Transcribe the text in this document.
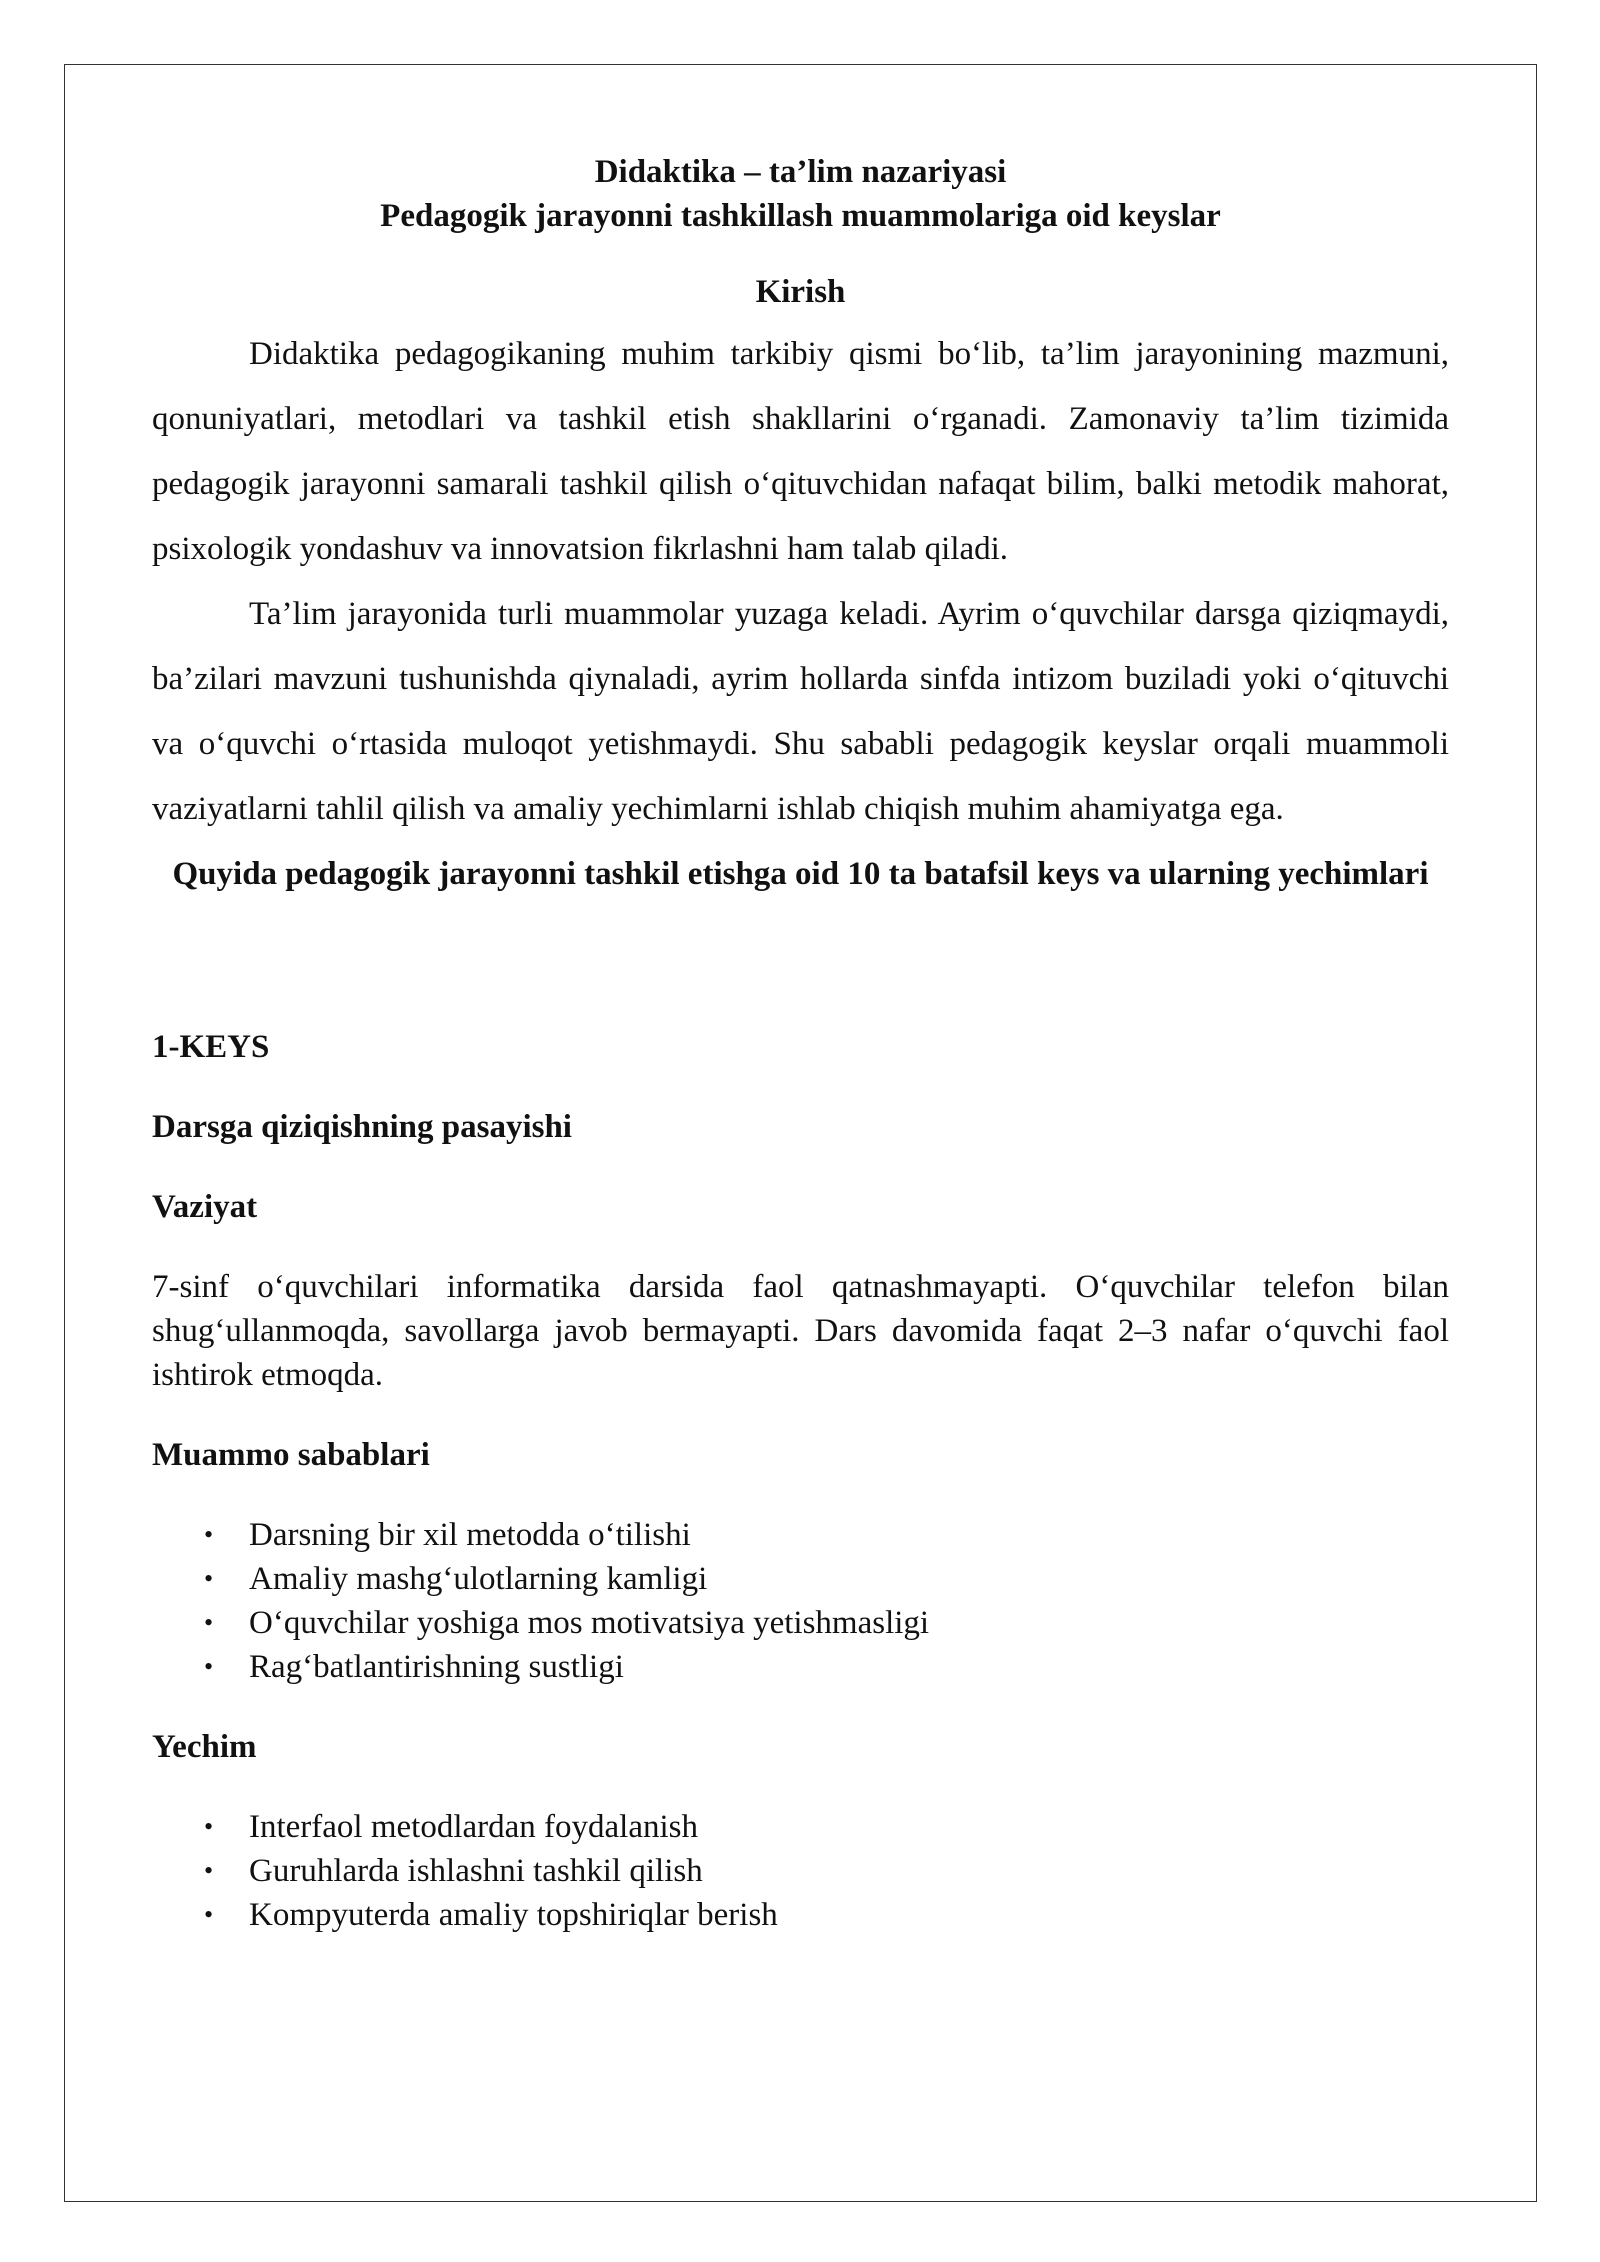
Didaktika – ta’lim nazariyasi

Pedagogik jarayonni tashkillash muammolariga oid keyslar

Kirish

Didaktika pedagogikaning muhim tarkibiy qismi bo‘lib, ta’lim jarayonining mazmuni, qonuniyatlari, metodlari va tashkil etish shakllarini o‘rganadi. Zamonaviy ta’lim tizimida pedagogik jarayonni samarali tashkil qilish o‘qituvchidan nafaqat bilim, balki metodik mahorat, psixologik yondashuv va innovatsion fikrlashni ham talab qiladi.

Ta’lim jarayonida turli muammolar yuzaga keladi. Ayrim o‘quvchilar darsga qiziqmaydi, ba’zilari mavzuni tushunishda qiynaladi, ayrim hollarda sinfda intizom buziladi yoki o‘qituvchi va o‘quvchi o‘rtasida muloqot yetishmaydi. Shu sababli pedagogik keyslar orqali muammoli vaziyatlarni tahlil qilish va amaliy yechimlarni ishlab chiqish muhim ahamiyatga ega.

Quyida pedagogik jarayonni tashkil etishga oid 10 ta batafsil keys va ularning yechimlari

1-KEYS

Darsga qiziqishning pasayishi

Vaziyat

7-sinf o‘quvchilari informatika darsida faol qatnashmayapti. O‘quvchilar telefon bilan shug‘ullanmoqda, savollarga javob bermayapti. Dars davomida faqat 2–3 nafar o‘quvchi faol ishtirok etmoqda.

Muammo sabablari

• Darsning bir xil metodda o‘tilishi
• Amaliy mashg‘ulotlarning kamligi
• O‘quvchilar yoshiga mos motivatsiya yetishmasligi
• Rag‘batlantirishning sustligi

Yechim

• Interfaol metodlardan foydalanish
• Guruhlarda ishlashni tashkil qilish
• Kompyuterda amaliy topshiriqlar berish
